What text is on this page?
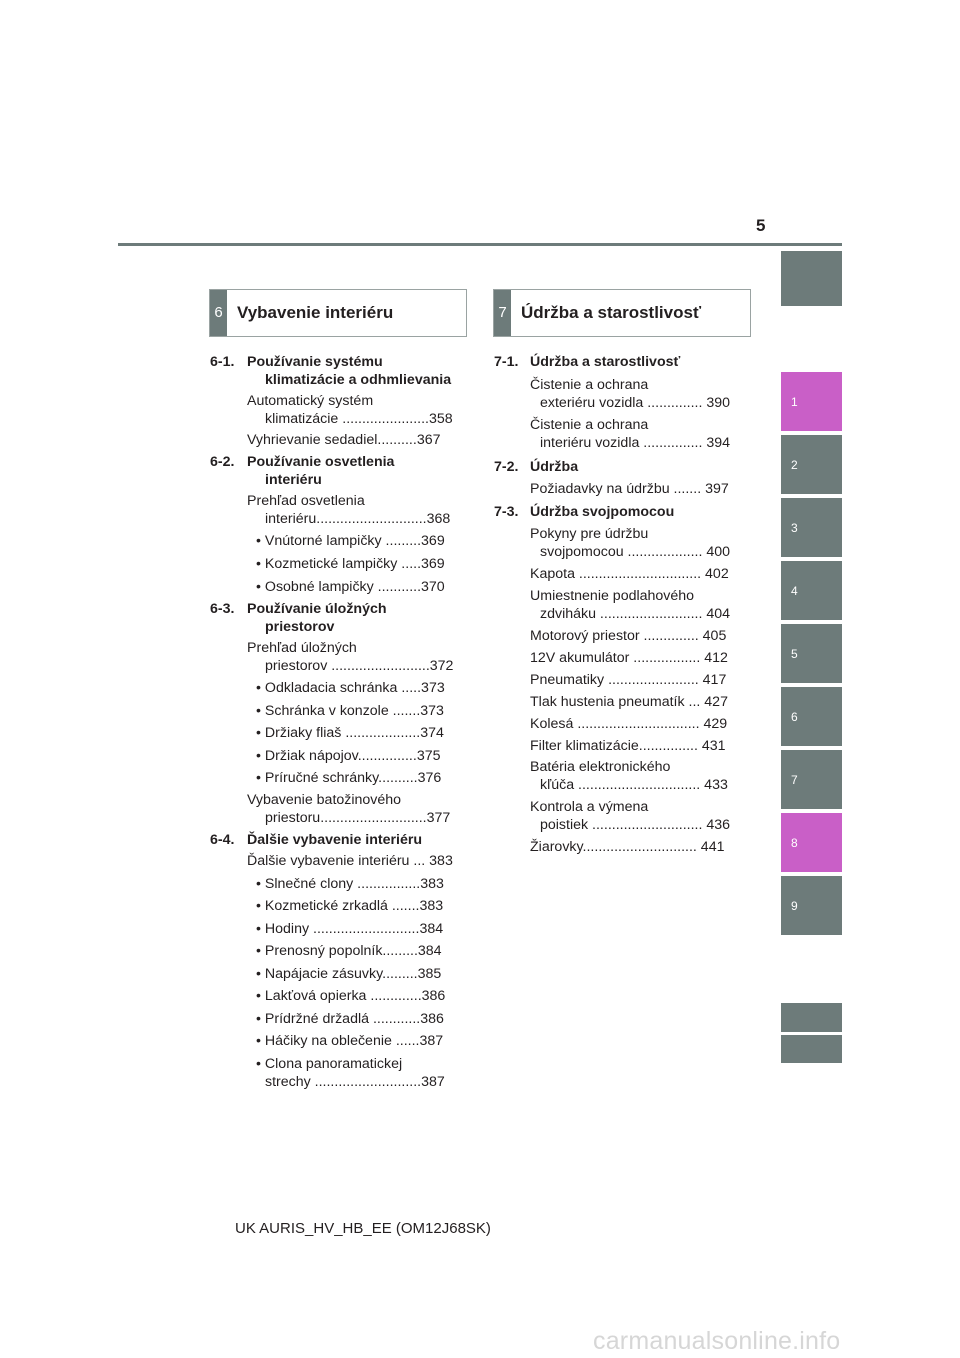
5
1
2
3
4
5
6
7
8
9
6 Vybavenie interiéru	7 Údržba a starostlivosť
6-1. Používanie systému
klimatizácie a odhmlievania
Automatický systém
klimatizácie ......................358
Vyhrievanie sedadiel..........367
6-2. Používanie osvetlenia
interiéru
Prehľad osvetlenia
interiéru............................368
• Vnútorné lampičky .........369
• Kozmetické lampičky .....369
• Osobné lampičky ...........370
6-3. Používanie úložných
priestorov
Prehľad úložných
priestorov .........................372
• Odkladacia schránka .....373
• Schránka v konzole .......373
• Držiaky fliaš ...................374
• Držiak nápojov...............375
• Príručné schránky..........376
Vybavenie batožinového
priestoru...........................377
6-4. Ďalšie vybavenie interiéru
Ďalšie vybavenie interiéru ... 383
• Slnečné clony ................383
• Kozmetické zrkadlá .......383
• Hodiny ...........................384
• Prenosný popolník.........384
• Napájacie zásuvky.........385
• Lakťová opierka .............386
• Prídržné držadlá ............386
• Háčiky na oblečenie ......387
• Clona panoramatickej
strechy ...........................387
7-1. Údržba a starostlivosť
Čistenie a ochrana
exteriéru vozidla .............. 390
Čistenie a ochrana
interiéru vozidla ............... 394
7-2. Údržba
Požiadavky na údržbu ....... 397
7-3. Údržba svojpomocou
Pokyny pre údržbu
svojpomocou ................... 400
Kapota ............................... 402
Umiestnenie podlahového
zdviháku .......................... 404
Motorový priestor .............. 405
12V akumulátor ................. 412
Pneumatiky ....................... 417
Tlak hustenia pneumatík ... 427
Kolesá ............................... 429
Filter klimatizácie............... 431
Batéria elektronického
kľúča ............................... 433
Kontrola a výmena
poistiek ............................ 436
Žiarovky............................. 441
UK AURIS_HV_HB_EE (OM12J68SK)
carmanualsonline.info
